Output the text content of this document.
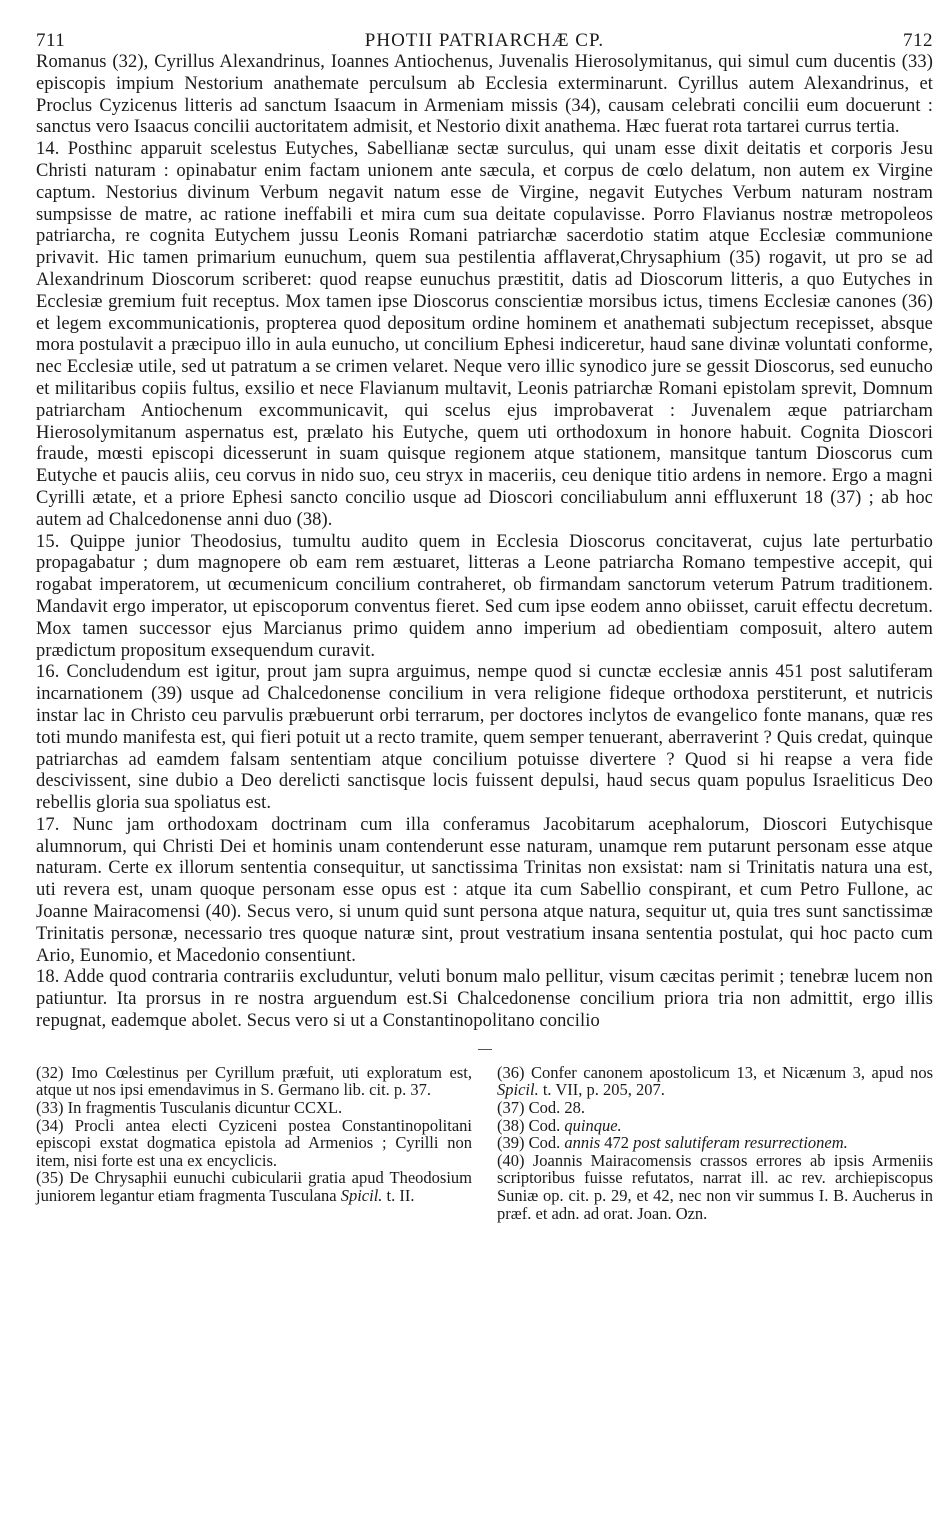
711	PHOTII PATRIARCHÆ CP.	712

Romanus (32), Cyrillus Alexandrinus, Ioannes Antiochenus, Juvenalis Hierosolymitanus, qui simul cum ducentis (33) episcopis impium Nestorium anathemate perculsum ab Ecclesia exterminarunt. Cyrillus autem Alexandrinus, et Proclus Cyzicenus litteris ad sanctum Isaacum in Armeniam missis (34), causam celebrati concilii eum docuerunt : sanctus vero Isaacus concilii auctoritatem admisit, et Nestorio dixit anathema. Hæc fuerat rota tartarei currus tertia.

14. Posthinc apparuit scelestus Eutyches, Sabellianæ sectæ surculus, qui unam esse dixit deitatis et corporis Jesu Christi naturam : opinabatur enim factam unionem ante sæcula, et corpus de cœlo delatum, non autem ex Virgine captum. Nestorius divinum Verbum negavit natum esse de Virgine, negavit Eutyches Verbum naturam nostram sumpsisse de matre, ac ratione ineffabili et mira cum sua deitate copulavisse. Porro Flavianus nostræ metropoleos patriarcha, re cognita Eutychem jussu Leonis Romani patriarchæ sacerdotio statim atque Ecclesiæ communione privavit. Hic tamen primarium eunuchum, quem sua pestilentia afflaverat,Chrysaphium (35) rogavit, ut pro se ad Alexandrinum Dioscorum scriberet: quod reapse eunuchus præstitit, datis ad Dioscorum litteris, a quo Eutyches in Ecclesiæ gremium fuit receptus. Mox tamen ipse Dioscorus conscientiæ morsibus ictus, timens Ecclesiæ canones (36) et legem excommunicationis, propterea quod depositum ordine hominem et anathemati subjectum recepisset, absque mora postulavit a præcipuo illo in aula eunucho, ut concilium Ephesi indiceretur, haud sane divinæ voluntati conforme, nec Ecclesiæ utile, sed ut patratum a se crimen velaret. Neque vero illic synodico jure se gessit Dioscorus, sed eunucho et militaribus copiis fultus, exsilio et nece Flavianum multavit, Leonis patriarchæ Romani epistolam sprevit, Domnum patriarcham Antiochenum excommunicavit, qui scelus ejus improbaverat : Juvenalem æque patriarcham Hierosolymitanum aspernatus est, prælato his Eutyche, quem uti orthodoxum in honore habuit. Cognita Dioscori fraude, mœsti episcopi dicesserunt in suam quisque regionem atque stationem, mansitque tantum Dioscorus cum Eutyche et paucis aliis, ceu corvus in nido suo, ceu stryx in maceriis, ceu denique titio ardens in nemore. Ergo a magni Cyrilli ætate, et a priore Ephesi sancto concilio usque ad Dioscori conciliabulum anni effluxerunt 18 (37) ; ab hoc autem ad Chalcedonense anni duo (38).

15. Quippe junior Theodosius, tumultu audito quem in Ecclesia Dioscorus concitaverat, cujus late perturbatio propagabatur ; dum magnopere ob eam rem æstuaret, litteras a Leone patriarcha Romano tempestive accepit, qui rogabat imperatorem, ut œcumenicum concilium contraheret, ob firmandam sanctorum veterum Patrum traditionem. Mandavit ergo imperator, ut episcoporum conventus fieret. Sed cum ipse eodem anno obiisset, caruit effectu decretum. Mox tamen successor ejus Marcianus primo quidem anno imperium ad obedientiam composuit, altero autem prædictum propositum exsequendum curavit.

16. Concludendum est igitur, prout jam supra arguimus, nempe quod si cunctæ ecclesiæ annis 451 post salutiferam incarnationem (39) usque ad Chalcedonense concilium in vera religione fideque orthodoxa perstiterunt, et nutricis instar lac in Christo ceu parvulis præbuerunt orbi terrarum, per doctores inclytos de evangelico fonte manans, quæ res toti mundo manifesta est, qui fieri potuit ut a recto tramite, quem semper tenuerant, aberraverint ? Quis credat, quinque patriarchas ad eamdem falsam sententiam atque concilium potuisse divertere ? Quod si hi reapse a vera fide descivissent, sine dubio a Deo derelicti sanctisque locis fuissent depulsi, haud secus quam populus Israeliticus Deo rebellis gloria sua spoliatus est.

17. Nunc jam orthodoxam doctrinam cum illa conferamus Jacobitarum acephalorum, Dioscori Eutychisque alumnorum, qui Christi Dei et hominis unam contenderunt esse naturam, unamque rem putarunt personam esse atque naturam. Certe ex illorum sententia consequitur, ut sanctissima Trinitas non exsistat: nam si Trinitatis natura una est, uti revera est, unam quoque personam esse opus est : atque ita cum Sabellio conspirant, et cum Petro Fullone, ac Joanne Mairacomensi (40). Secus vero, si unum quid sunt persona atque natura, sequitur ut, quia tres sunt sanctissimæ Trinitatis personæ, necessario tres quoque naturæ sint, prout vestratium insana sententia postulat, qui hoc pacto cum Ario, Eunomio, et Macedonio consentiunt.

18. Adde quod contraria contrariis excluduntur, veluti bonum malo pellitur, visum cæcitas perimit ; tenebræ lucem non patiuntur. Ita prorsus in re nostra arguendum est.Si Chalcedonense concilium priora tria non admittit, ergo illis repugnat, eademque abolet. Secus vero si ut a Constantinopolitano concilio

(32) Imo Cœlestinus per Cyrillum præfuit, uti exploratum est, atque ut nos ipsi emendavimus in S. Germano lib. cit. p. 37.

(33) In fragmentis Tusculanis dicuntur CCXL.

(34) Procli antea electi Cyziceni postea Constantinopolitani episcopi exstat dogmatica epistola ad Armenios ; Cyrilli non item, nisi forte est una ex encyclicis.

(35) De Chrysaphii eunuchi cubicularii gratia apud Theodosium juniorem legantur etiam fragmenta Tusculana Spicil. t. II.

(36) Confer canonem apostolicum 13, et Nicænum 3, apud nos Spicil. t. VII, p. 205, 207.

(37) Cod. 28.

(38) Cod. quinque.

(39) Cod. annis 472 post salutiferam resurrectionem.

(40) Joannis Mairacomensis crassos errores ab ipsis Armeniis scriptoribus fuisse refutatos, narrat ill. ac rev. archiepiscopus Suniæ op. cit. p. 29, et 42, nec non vir summus I. B. Aucherus in præf. et adn. ad orat. Joan. Ozn.
